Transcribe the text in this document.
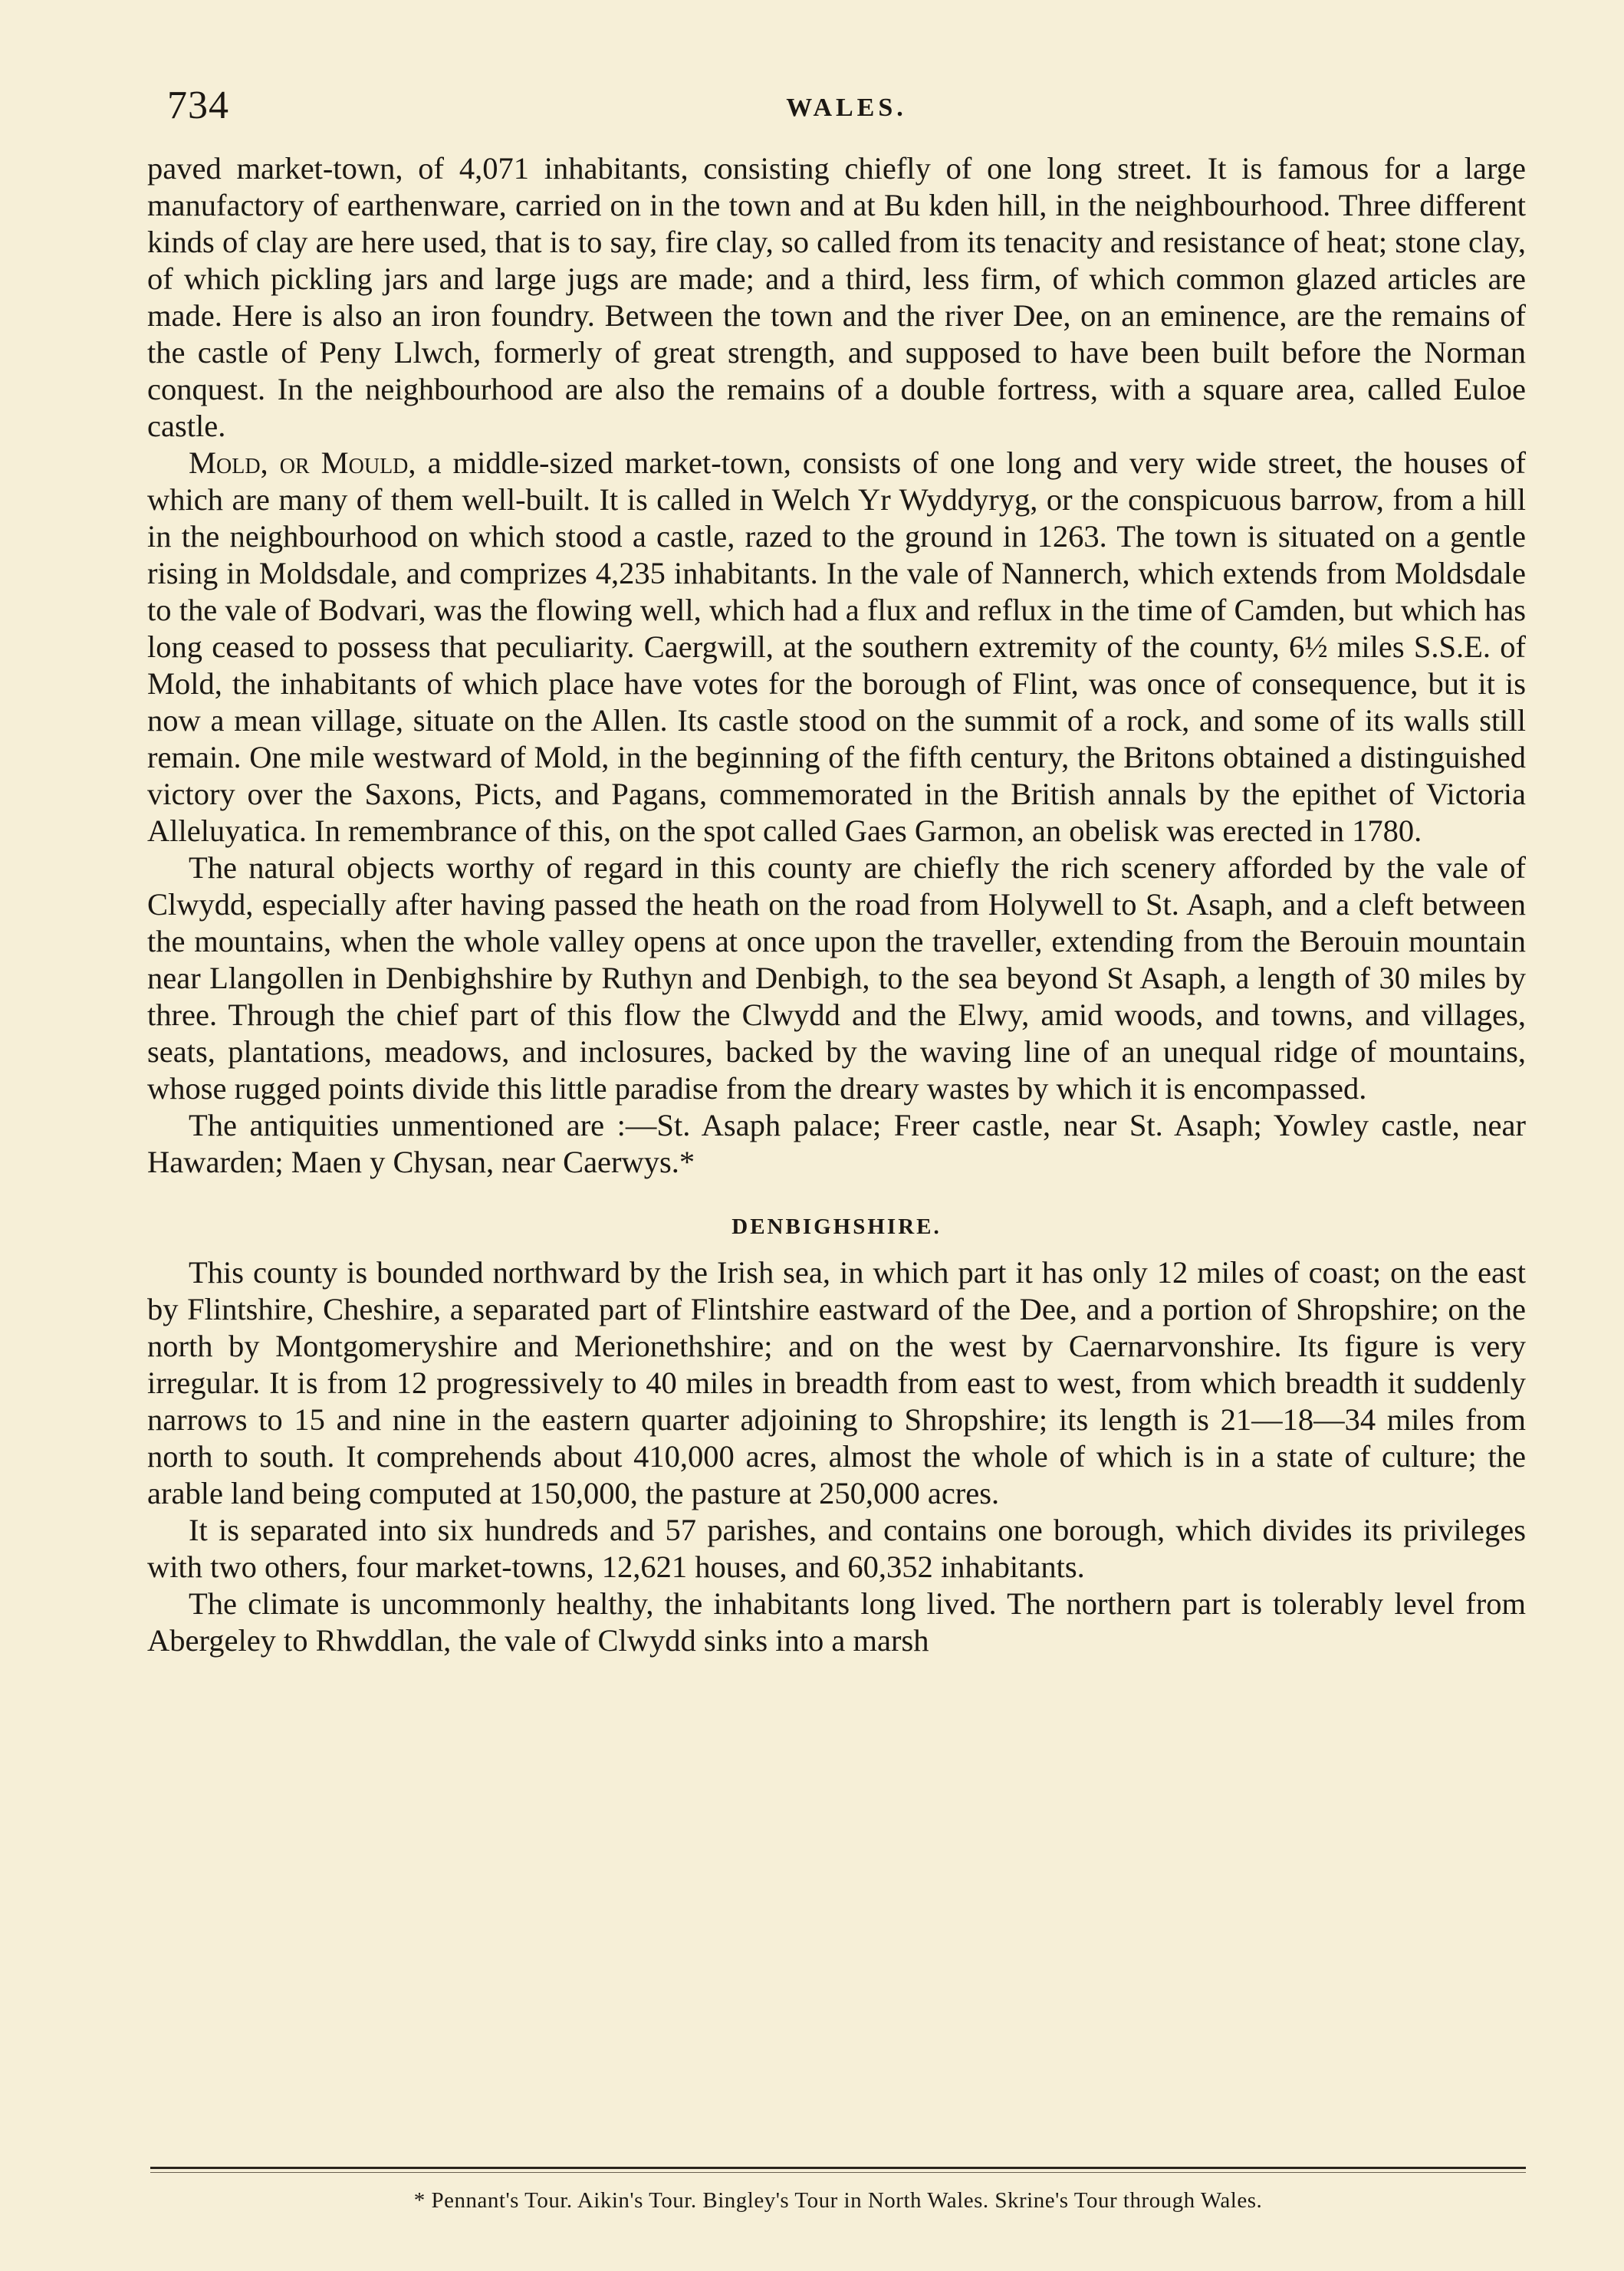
734	WALES.

paved market-town, of 4,071 inhabitants, consisting chiefly of one long street. It is famous for a large manufactory of earthenware, carried on in the town and at Bu kden hill, in the neighbourhood. Three different kinds of clay are here used, that is to say, fire clay, so called from its tenacity and resistance of heat; stone clay, of which pickling jars and large jugs are made; and a third, less firm, of which common glazed articles are made. Here is also an iron foundry. Between the town and the river Dee, on an eminence, are the remains of the castle of Peny Llwch, formerly of great strength, and supposed to have been built before the Norman conquest. In the neighbourhood are also the remains of a double fortress, with a square area, called Euloe castle.

Mold, or Mould, a middle-sized market-town, consists of one long and very wide street, the houses of which are many of them well-built. It is called in Welch Yr Wyddyryg, or the conspicuous barrow, from a hill in the neighbourhood on which stood a castle, razed to the ground in 1263. The town is situated on a gentle rising in Moldsdale, and comprizes 4,235 inhabitants. In the vale of Nannerch, which extends from Moldsdale to the vale of Bodvari, was the flowing well, which had a flux and reflux in the time of Camden, but which has long ceased to possess that peculiarity. Caergwill, at the southern extremity of the county, 6½ miles S.S.E. of Mold, the inhabitants of which place have votes for the borough of Flint, was once of consequence, but it is now a mean village, situate on the Allen. Its castle stood on the summit of a rock, and some of its walls still remain. One mile westward of Mold, in the beginning of the fifth century, the Britons obtained a distinguished victory over the Saxons, Picts, and Pagans, commemorated in the British annals by the epithet of Victoria Alleluyatica. In remembrance of this, on the spot called Gaes Garmon, an obelisk was erected in 1780.

The natural objects worthy of regard in this county are chiefly the rich scenery afforded by the vale of Clwydd, especially after having passed the heath on the road from Holywell to St. Asaph, and a cleft between the mountains, when the whole valley opens at once upon the traveller, extending from the Berouin mountain near Llangollen in Denbighshire by Ruthyn and Denbigh, to the sea beyond St Asaph, a length of 30 miles by three. Through the chief part of this flow the Clwydd and the Elwy, amid woods, and towns, and villages, seats, plantations, meadows, and inclosures, backed by the waving line of an unequal ridge of mountains, whose rugged points divide this little paradise from the dreary wastes by which it is encompassed.

The antiquities unmentioned are :—St. Asaph palace; Freer castle, near St. Asaph; Yowley castle, near Hawarden; Maen y Chysan, near Caerwys.*

DENBIGHSHIRE.

This county is bounded northward by the Irish sea, in which part it has only 12 miles of coast; on the east by Flintshire, Cheshire, a separated part of Flintshire eastward of the Dee, and a portion of Shropshire; on the north by Montgomeryshire and Merionethshire; and on the west by Caernarvonshire. Its figure is very irregular. It is from 12 progressively to 40 miles in breadth from east to west, from which breadth it suddenly narrows to 15 and nine in the eastern quarter adjoining to Shropshire; its length is 21—18—34 miles from north to south. It comprehends about 410,000 acres, almost the whole of which is in a state of culture; the arable land being computed at 150,000, the pasture at 250,000 acres.

It is separated into six hundreds and 57 parishes, and contains one borough, which divides its privileges with two others, four market-towns, 12,621 houses, and 60,352 inhabitants.

The climate is uncommonly healthy, the inhabitants long lived. The northern part is tolerably level from Abergeley to Rhwddlan, the vale of Clwydd sinks into a marsh

* Pennant's Tour. Aikin's Tour. Bingley's Tour in North Wales. Skrine's Tour through Wales.
